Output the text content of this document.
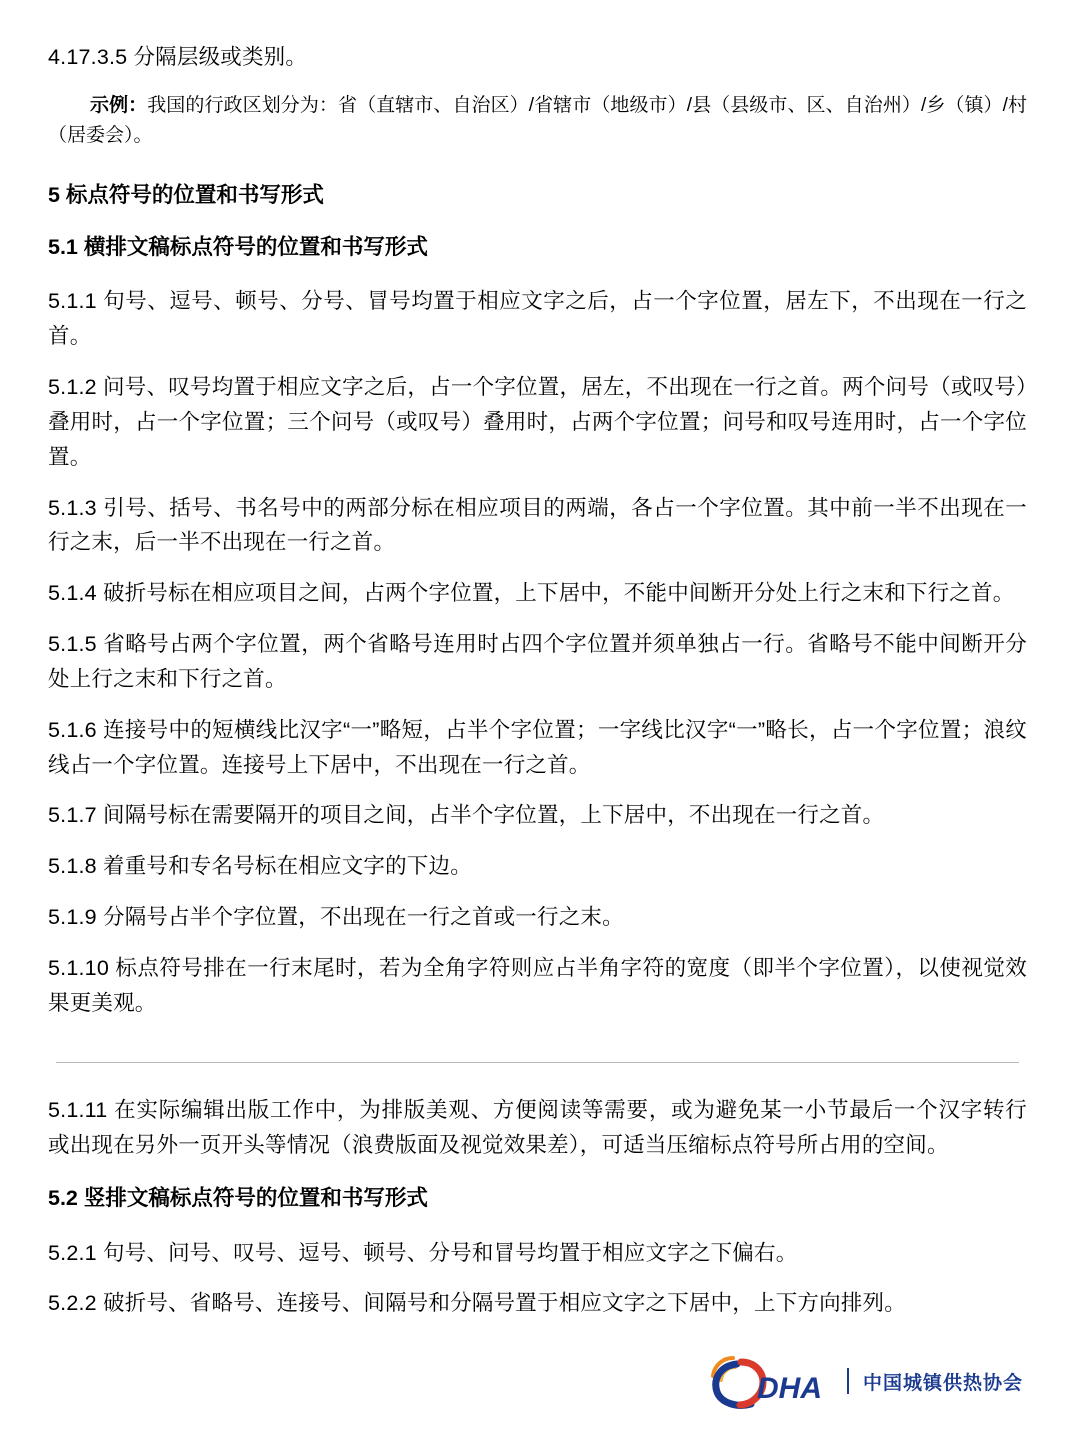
4.17.3.5 分隔层级或类别。

示例：我国的行政区划分为：省（直辖市、自治区）/省辖市（地级市）/县（县级市、区、自治州）/乡（镇）/村（居委会）。

5 标点符号的位置和书写形式
5.1 横排文稿标点符号的位置和书写形式

5.1.1 句号、逗号、顿号、分号、冒号均置于相应文字之后，占一个字位置，居左下，不出现在一行之首。

5.1.2 问号、叹号均置于相应文字之后，占一个字位置，居左，不出现在一行之首。两个问号（或叹号）叠用时，占一个字位置；三个问号（或叹号）叠用时，占两个字位置；问号和叹号连用时，占一个字位置。

5.1.3 引号、括号、书名号中的两部分标在相应项目的两端，各占一个字位置。其中前一半不出现在一行之末，后一半不出现在一行之首。

5.1.4 破折号标在相应项目之间，占两个字位置，上下居中，不能中间断开分处上行之末和下行之首。

5.1.5 省略号占两个字位置，两个省略号连用时占四个字位置并须单独占一行。省略号不能中间断开分处上行之末和下行之首。

5.1.6 连接号中的短横线比汉字“一”略短，占半个字位置；一字线比汉字“一”略长，占一个字位置；浪纹线占一个字位置。连接号上下居中，不出现在一行之首。

5.1.7 间隔号标在需要隔开的项目之间，占半个字位置，上下居中，不出现在一行之首。

5.1.8 着重号和专名号标在相应文字的下边。

5.1.9 分隔号占半个字位置，不出现在一行之首或一行之末。

5.1.10 标点符号排在一行末尾时，若为全角字符则应占半角字符的宽度（即半个字位置），以使视觉效果更美观。

5.1.11 在实际编辑出版工作中，为排版美观、方便阅读等需要，或为避免某一小节最后一个汉字转行 或出现在另外一页开头等情况（浪费版面及视觉效果差），可适当压缩标点符号所占用的空间。

5.2 竖排文稿标点符号的位置和书写形式

5.2.1 句号、问号、叹号、逗号、顿号、分号和冒号均置于相应文字之下偏右。

5.2.2 破折号、省略号、连接号、间隔号和分隔号置于相应文字之下居中，上下方向排列。

DHA 中国城镇供热协会
